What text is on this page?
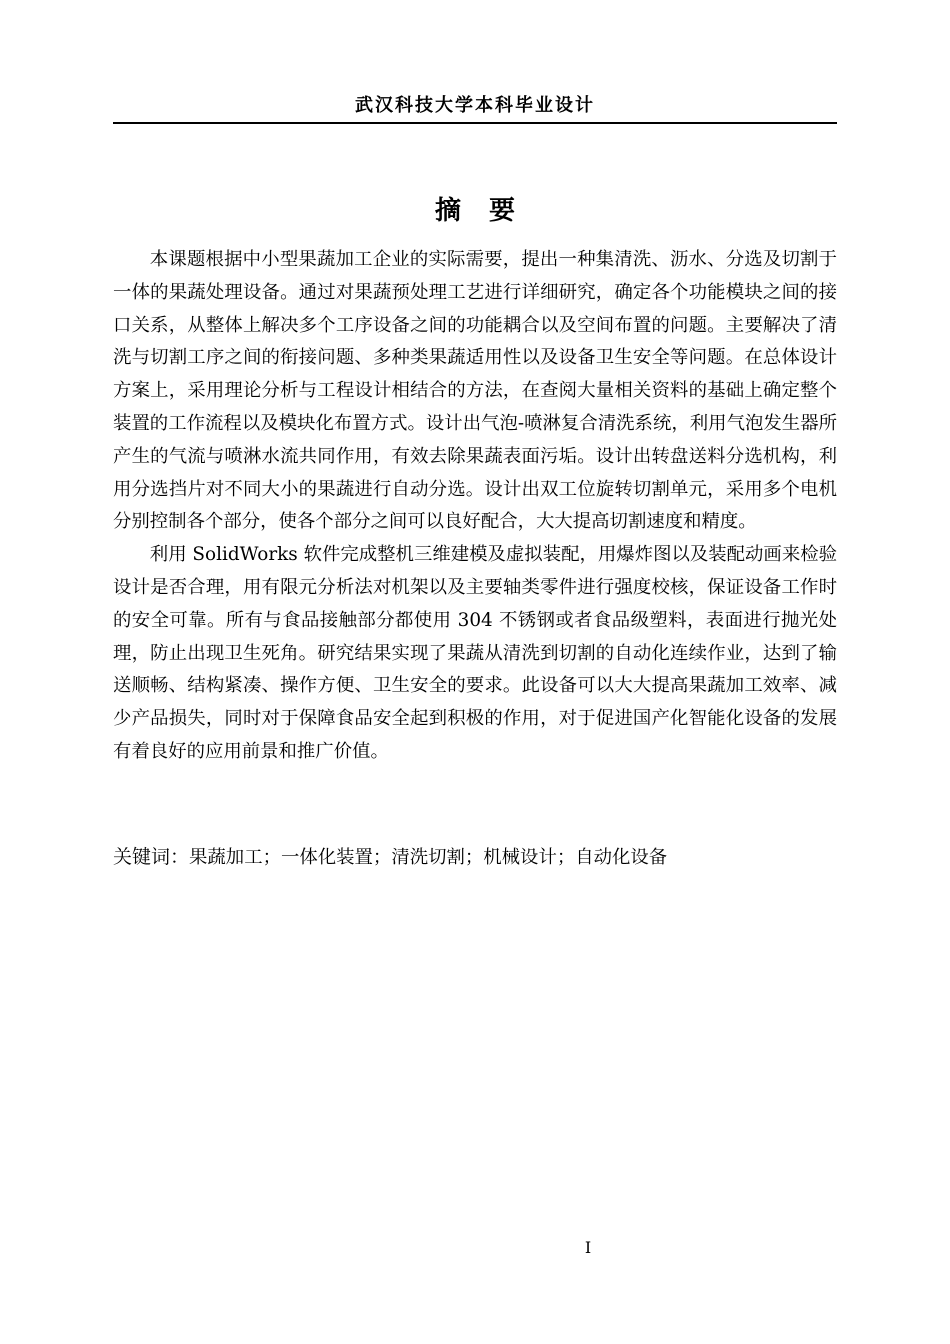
武汉科技大学本科毕业设计
摘要

本课题根据中小型果蔬加工企业的实际需要，提出一种集清洗、沥水、分选及切割于一体的果蔬处理设备。通过对果蔬预处理工艺进行详细研究，确定各个功能模块之间的接口关系，从整体上解决多个工序设备之间的功能耦合以及空间布置的问题。主要解决了清洗与切割工序之间的衔接问题、多种类果蔬适用性以及设备卫生安全等问题。在总体设计方案上，采用理论分析与工程设计相结合的方法，在查阅大量相关资料的基础上确定整个装置的工作流程以及模块化布置方式。设计出气泡-喷淋复合清洗系统，利用气泡发生器所产生的气流与喷淋水流共同作用，有效去除果蔬表面污垢。设计出转盘送料分选机构，利用分选挡片对不同大小的果蔬进行自动分选。设计出双工位旋转切割单元，采用多个电机分别控制各个部分，使各个部分之间可以良好配合，大大提高切割速度和精度。

利用 SolidWorks 软件完成整机三维建模及虚拟装配，用爆炸图以及装配动画来检验设计是否合理，用有限元分析法对机架以及主要轴类零件进行强度校核，保证设备工作时的安全可靠。所有与食品接触部分都使用 304 不锈钢或者食品级塑料，表面进行抛光处理，防止出现卫生死角。研究结果实现了果蔬从清洗到切割的自动化连续作业，达到了输送顺畅、结构紧凑、操作方便、卫生安全的要求。此设备可以大大提高果蔬加工效率、减少产品损失，同时对于保障食品安全起到积极的作用，对于促进国产化智能化设备的发展有着良好的应用前景和推广价值。

关键词：果蔬加工；一体化装置；清洗切割；机械设计；自动化设备
I
